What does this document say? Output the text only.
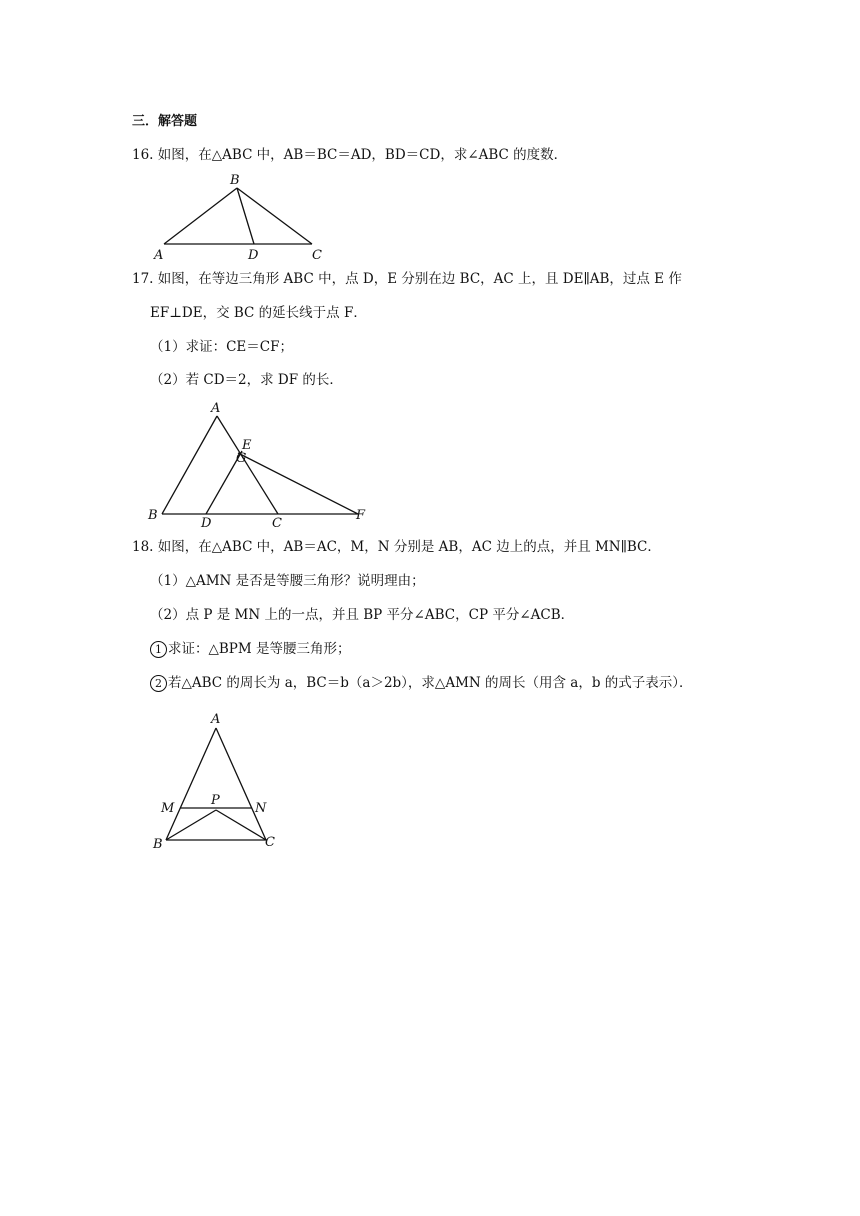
三．解答题
16. 如图，在△ABC 中，AB＝BC＝AD，BD＝CD，求∠ABC 的度数．
B
A	D	C
17. 如图，在等边三角形 ABC 中，点 D，E 分别在边 BC，AC 上，且 DE∥AB，过点 E 作
EF⊥DE，交 BC 的延长线于点 F．
（1）求证：CE＝CF；
（2）若 CD＝2，求 DF 的长．
A
E
G
B
D	C
F
18. 如图，在△ABC 中，AB＝AC，M，N 分别是 AB，AC 边上的点，并且 MN∥BC．
（1）△AMN 是否是等腰三角形？说明理由；
（2）点 P 是 MN 上的一点，并且 BP 平分∠ABC，CP 平分∠ACB．
1 求证：△BPM 是等腰三角形；
2 若△ABC 的周长为 a，BC＝b（a＞2b），求△AMN 的周长（用含 a，b 的式子表示）．
A
M
P
N
B	C
